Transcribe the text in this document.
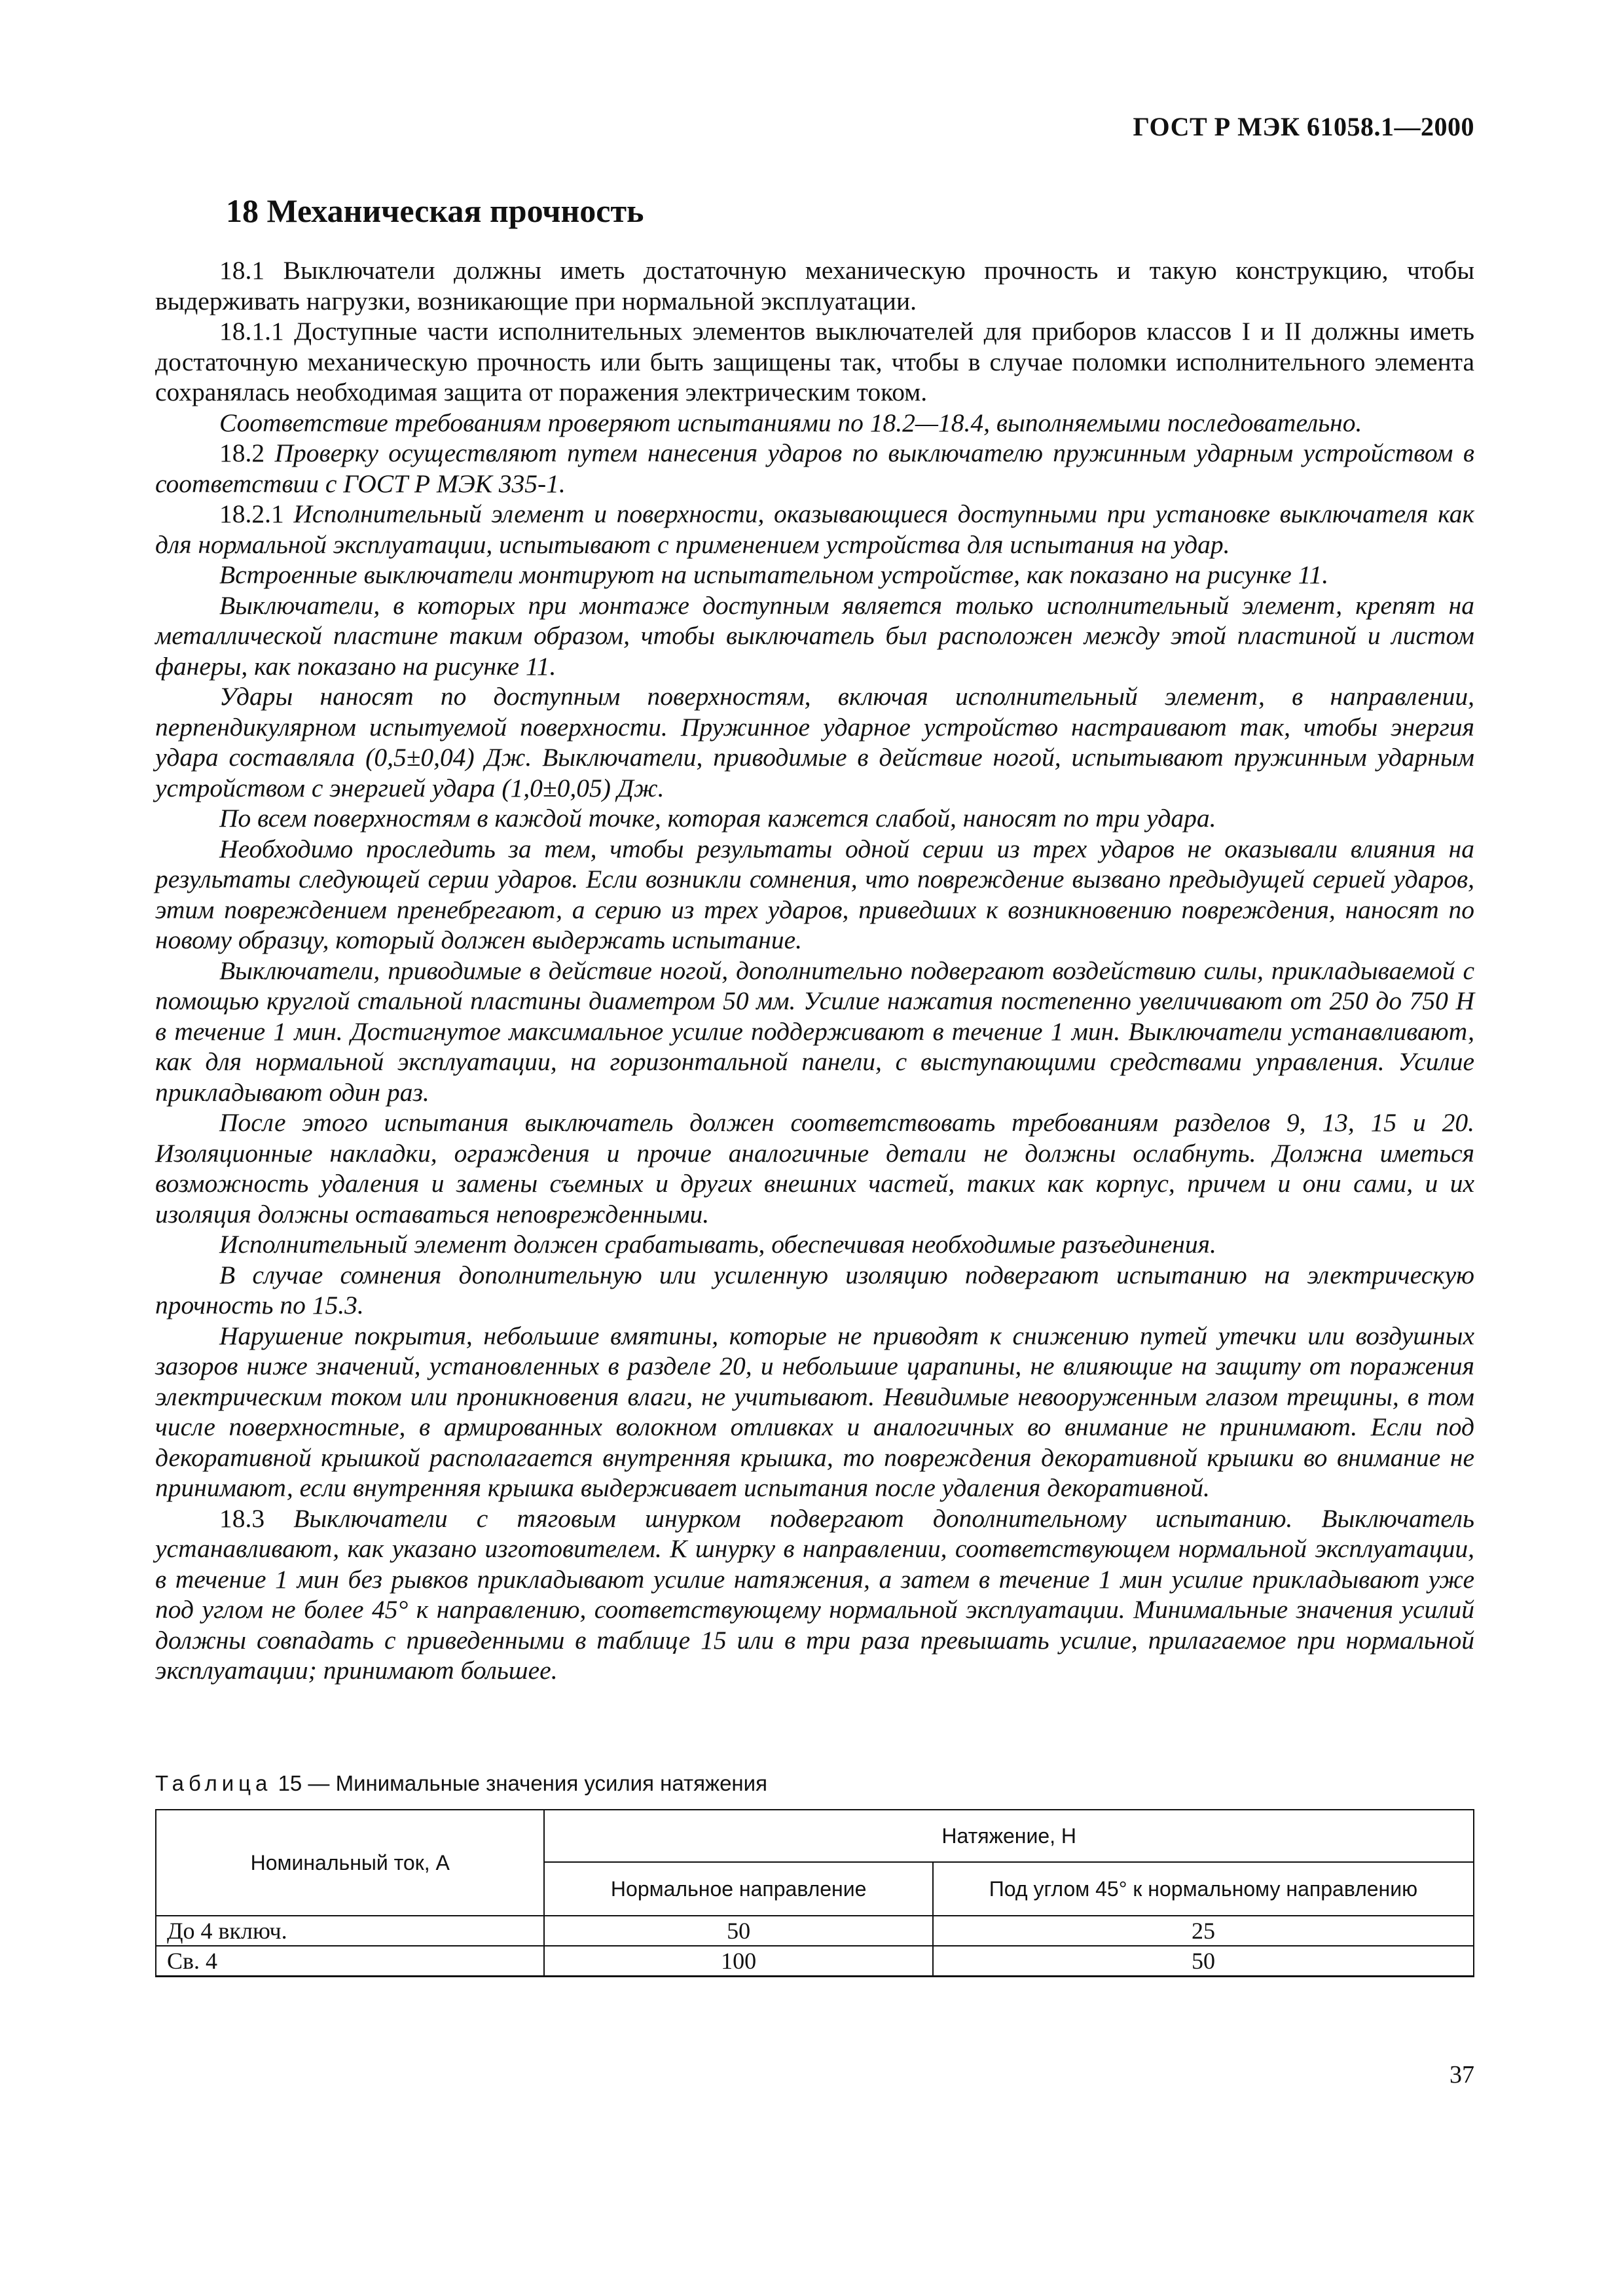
ГОСТ Р МЭК 61058.1—2000
18 Механическая прочность

18.1 Выключатели должны иметь достаточную механическую прочность и такую конструкцию, чтобы выдерживать нагрузки, возникающие при нормальной эксплуатации.

18.1.1 Доступные части исполнительных элементов выключателей для приборов классов I и II должны иметь достаточную механическую прочность или быть защищены так, чтобы в случае поломки исполнительного элемента сохранялась необходимая защита от поражения электрическим током.

Соответствие требованиям проверяют испытаниями по 18.2—18.4, выполняемыми последовательно.

18.2 Проверку осуществляют путем нанесения ударов по выключателю пружинным ударным устройством в соответствии с ГОСТ Р МЭК 335-1.

18.2.1 Исполнительный элемент и поверхности, оказывающиеся доступными при установке выключателя как для нормальной эксплуатации, испытывают с применением устройства для испытания на удар.

Встроенные выключатели монтируют на испытательном устройстве, как показано на рисунке 11.

Выключатели, в которых при монтаже доступным является только исполнительный элемент, крепят на металлической пластине таким образом, чтобы выключатель был расположен между этой пластиной и листом фанеры, как показано на рисунке 11.

Удары наносят по доступным поверхностям, включая исполнительный элемент, в направлении, перпендикулярном испытуемой поверхности. Пружинное ударное устройство настраивают так, чтобы энергия удара составляла (0,5±0,04) Дж. Выключатели, приводимые в действие ногой, испытывают пружинным ударным устройством с энергией удара (1,0±0,05) Дж.

По всем поверхностям в каждой точке, которая кажется слабой, наносят по три удара.

Необходимо проследить за тем, чтобы результаты одной серии из трех ударов не оказывали влияния на результаты следующей серии ударов. Если возникли сомнения, что повреждение вызвано предыдущей серией ударов, этим повреждением пренебрегают, а серию из трех ударов, приведших к возникновению повреждения, наносят по новому образцу, который должен выдержать испытание.

Выключатели, приводимые в действие ногой, дополнительно подвергают воздействию силы, прикладываемой с помощью круглой стальной пластины диаметром 50 мм. Усилие нажатия постепенно увеличивают от 250 до 750 Н в течение 1 мин. Достигнутое максимальное усилие поддерживают в течение 1 мин. Выключатели устанавливают, как для нормальной эксплуатации, на горизонтальной панели, с выступающими средствами управления. Усилие прикладывают один раз.

После этого испытания выключатель должен соответствовать требованиям разделов 9, 13, 15 и 20. Изоляционные накладки, ограждения и прочие аналогичные детали не должны ослабнуть. Должна иметься возможность удаления и замены съемных и других внешних частей, таких как корпус, причем и они сами, и их изоляция должны оставаться неповрежденными.

Исполнительный элемент должен срабатывать, обеспечивая необходимые разъединения.

В случае сомнения дополнительную или усиленную изоляцию подвергают испытанию на электрическую прочность по 15.3.

Нарушение покрытия, небольшие вмятины, которые не приводят к снижению путей утечки или воздушных зазоров ниже значений, установленных в разделе 20, и небольшие царапины, не влияющие на защиту от поражения электрическим током или проникновения влаги, не учитывают. Невидимые невооруженным глазом трещины, в том числе поверхностные, в армированных волокном отливках и аналогичных во внимание не принимают. Если под декоративной крышкой располагается внутренняя крышка, то повреждения декоративной крышки во внимание не принимают, если внутренняя крышка выдерживает испытания после удаления декоративной.

18.3 Выключатели с тяговым шнурком подвергают дополнительному испытанию. Выключатель устанавливают, как указано изготовителем. К шнурку в направлении, соответствующем нормальной эксплуатации, в течение 1 мин без рывков прикладывают усилие натяжения, а затем в течение 1 мин усилие прикладывают уже под углом не более 45° к направлению, соответствующему нормальной эксплуатации. Минимальные значения усилий должны совпадать с приведенными в таблице 15 или в три раза превышать усилие, прилагаемое при нормальной эксплуатации; принимают большее.

Таблица 15 — Минимальные значения усилия натяжения
Номинальный ток, А	Натяжение, Н	
	Нормальное направление	Под углом 45° к нормальному направлению
До 4 включ.	50	25
Св. 4	100	50
37
